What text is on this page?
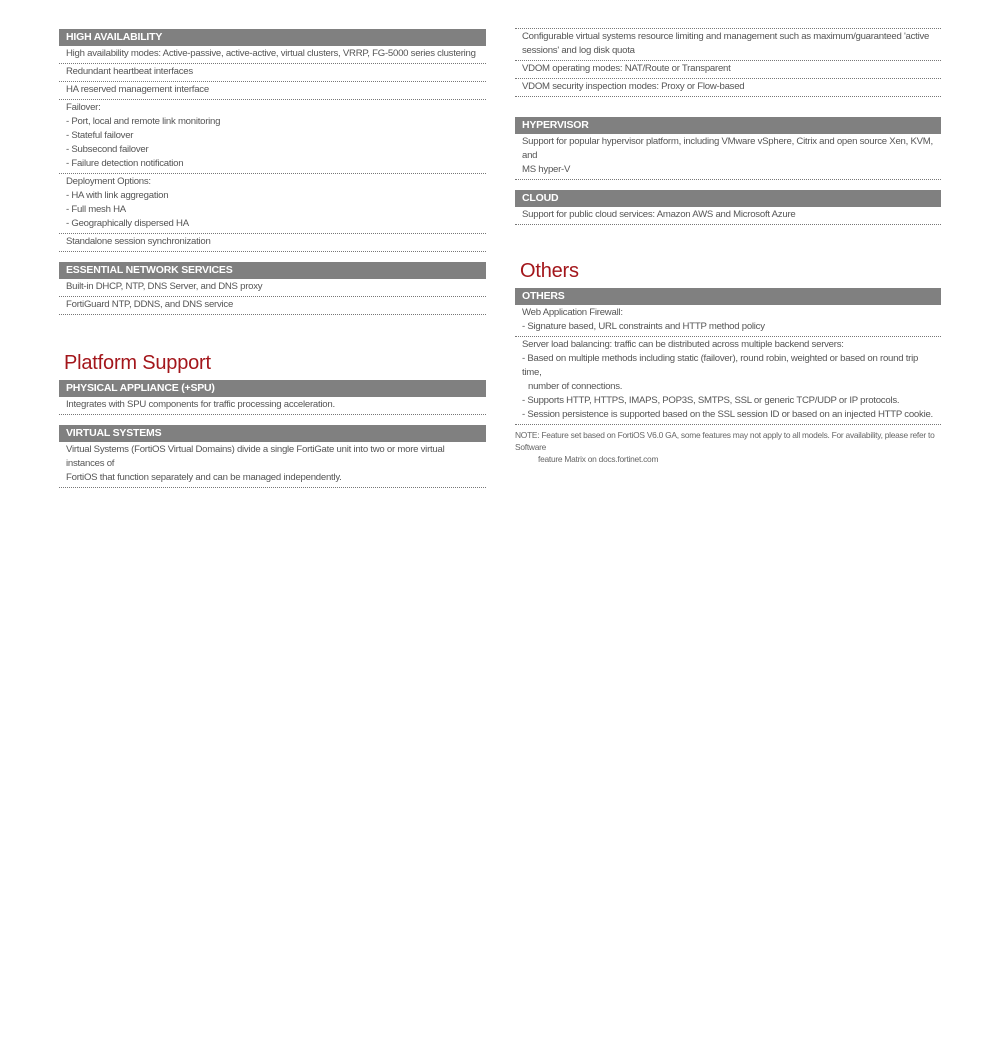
HIGH AVAILABILITY
High availability modes: Active-passive, active-active, virtual clusters, VRRP, FG-5000 series clustering
Redundant heartbeat interfaces
HA reserved management interface
Failover:
- Port, local and remote link monitoring
- Stateful failover
- Subsecond failover
- Failure detection notification
Deployment Options:
- HA with link aggregation
- Full mesh HA
- Geographically dispersed HA
Standalone session synchronization
ESSENTIAL NETWORK SERVICES
Built-in DHCP, NTP, DNS Server, and DNS proxy
FortiGuard NTP, DDNS, and DNS service
Platform Support
PHYSICAL APPLIANCE (+SPU)
Integrates with SPU components for traffic processing acceleration.
VIRTUAL SYSTEMS
Virtual Systems (FortiOS Virtual Domains) divide a single FortiGate unit into two or more virtual instances of
FortiOS that function separately and can be managed independently.
Configurable virtual systems resource limiting and management such as maximum/guaranteed 'active
sessions' and log disk quota
VDOM operating modes: NAT/Route or Transparent
VDOM security inspection modes: Proxy or Flow-based
HYPERVISOR
Support for popular hypervisor platform, including VMware vSphere, Citrix and open source Xen, KVM, and
MS hyper-V
CLOUD
Support for public cloud services: Amazon AWS and Microsoft Azure
Others
OTHERS
Web Application Firewall:
- Signature based, URL constraints and HTTP method policy
Server load balancing: traffic can be distributed across multiple backend servers:
- Based on multiple methods including static (failover), round robin, weighted or based on round trip time,
number of connections.
- Supports HTTP, HTTPS, IMAPS, POP3S, SMTPS, SSL or generic TCP/UDP or IP protocols.
- Session persistence is supported based on the SSL session ID or based on an injected HTTP cookie.
NOTE: Feature set based on FortiOS V6.0 GA, some features may not apply to all models. For availability, please refer to Software
feature Matrix on docs.fortinet.com
